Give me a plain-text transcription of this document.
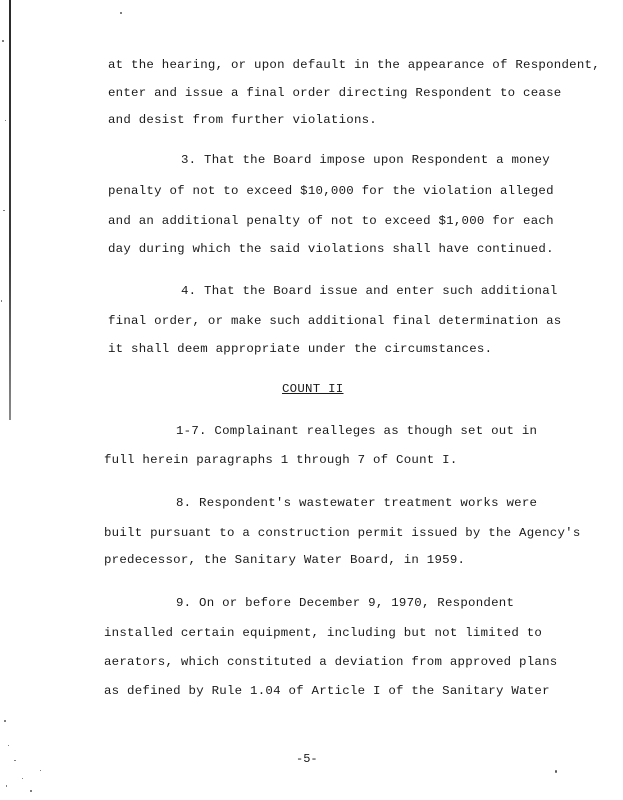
at the hearing, or upon default in the appearance of Respondent,
enter and issue a final order directing Respondent to cease
and desist from further violations.
3. That the Board impose upon Respondent a money
penalty of not to exceed $10,000 for the violation alleged
and an additional penalty of not to exceed $1,000 for each
day during which the said violations shall have continued.
4. That the Board issue and enter such additional
final order, or make such additional final determination as
it shall deem appropriate under the circumstances.
COUNT II
1-7. Complainant realleges as though set out in
full herein paragraphs 1 through 7 of Count I.
8. Respondent's wastewater treatment works were
built pursuant to a construction permit issued by the Agency's
predecessor, the Sanitary Water Board, in 1959.
9. On or before December 9, 1970, Respondent
installed certain equipment, including but not limited to
aerators, which constituted a deviation from approved plans
as defined by Rule 1.04 of Article I of the Sanitary Water
-5-
